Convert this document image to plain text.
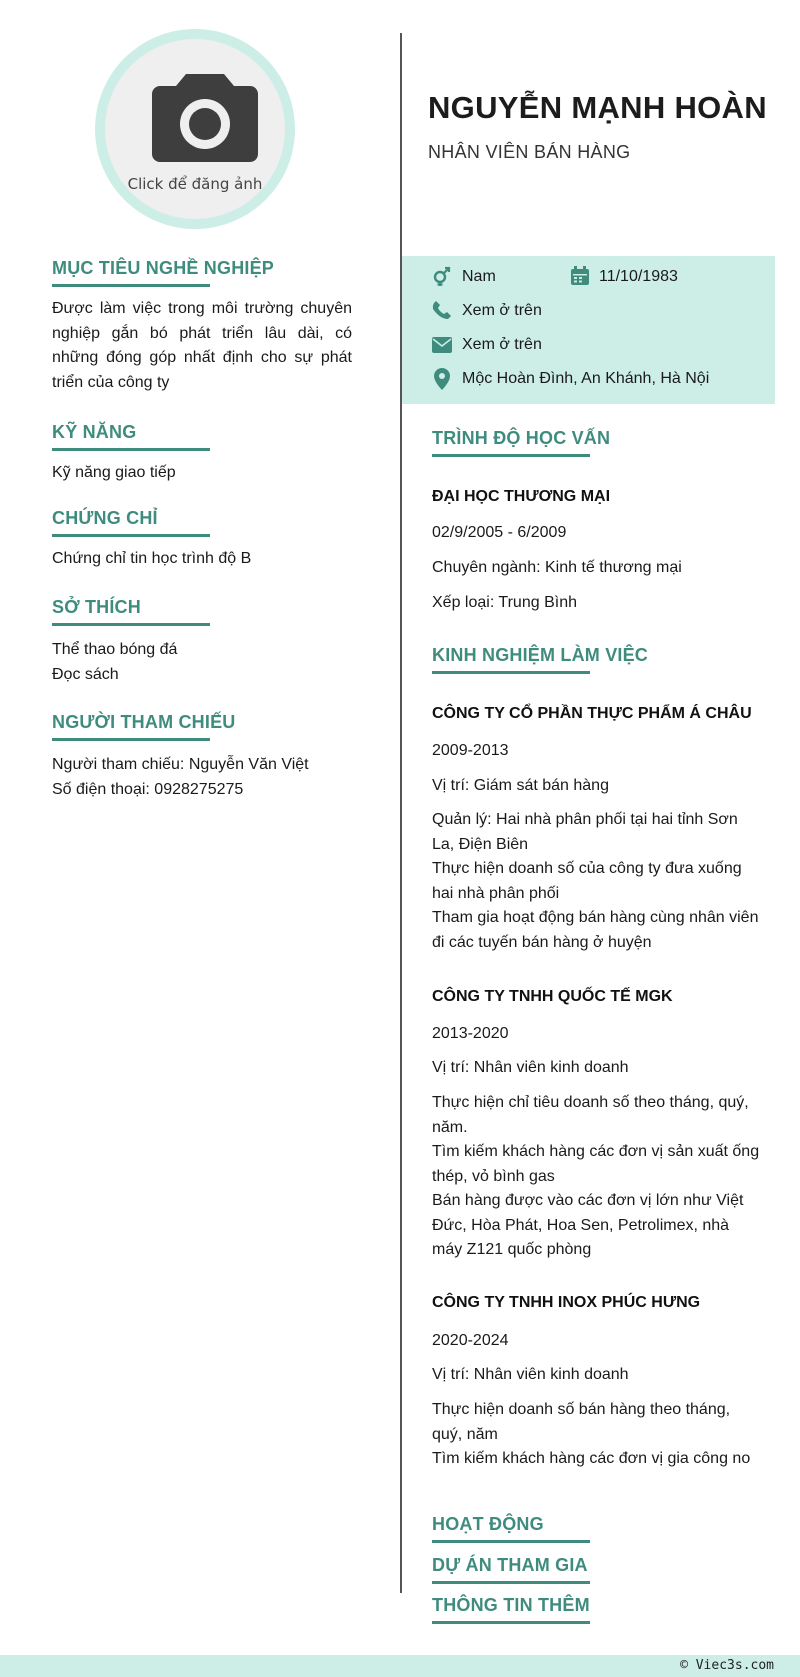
Click để đăng ảnh
MỤC TIÊU NGHỀ NGHIỆP
Được làm việc trong môi trường chuyên nghiệp gắn bó phát triển lâu dài, có những đóng góp nhất định cho sự phát triển của công ty
KỸ NĂNG
Kỹ năng giao tiếp
CHỨNG CHỈ
Chứng chỉ tin học trình độ B
SỞ THÍCH
Thể thao bóng đá
Đọc sách
NGƯỜI THAM CHIẾU
Người tham chiếu: Nguyễn Văn Việt
Số điện thoại: 0928275275
NGUYỄN MẠNH HOÀN
NHÂN VIÊN BÁN HÀNG
Nam	11/10/1983
Xem ở trên
Xem ở trên
Mộc Hoàn Đình, An Khánh, Hà Nội
TRÌNH ĐỘ HỌC VẤN
ĐẠI HỌC THƯƠNG MẠI
02/9/2005 - 6/2009
Chuyên ngành: Kinh tế thương mại
Xếp loại: Trung Bình
KINH NGHIỆM LÀM VIỆC
CÔNG TY CỔ PHẦN THỰC PHẨM Á CHÂU
2009-2013
Vị trí: Giám sát bán hàng
Quản lý: Hai nhà phân phối tại hai tỉnh Sơn La, Điện Biên
Thực hiện doanh số của công ty đưa xuống hai nhà phân phối
Tham gia hoạt động bán hàng cùng nhân viên đi các tuyến bán hàng ở huyện
CÔNG TY TNHH QUỐC TẾ MGK
2013-2020
Vị trí: Nhân viên kinh doanh
Thực hiện chỉ tiêu doanh số theo tháng, quý, năm.
Tìm kiếm khách hàng các đơn vị sản xuất ống thép, vỏ bình gas
Bán hàng được vào các đơn vị lớn như Việt Đức, Hòa Phát, Hoa Sen, Petrolimex, nhà máy Z121 quốc phòng
CÔNG TY TNHH INOX PHÚC HƯNG
2020-2024
Vị trí: Nhân viên kinh doanh
Thực hiện doanh số bán hàng theo tháng, quý, năm
Tìm kiếm khách hàng các đơn vị gia công no
HOẠT ĐỘNG
DỰ ÁN THAM GIA
THÔNG TIN THÊM
© Viec3s.com
